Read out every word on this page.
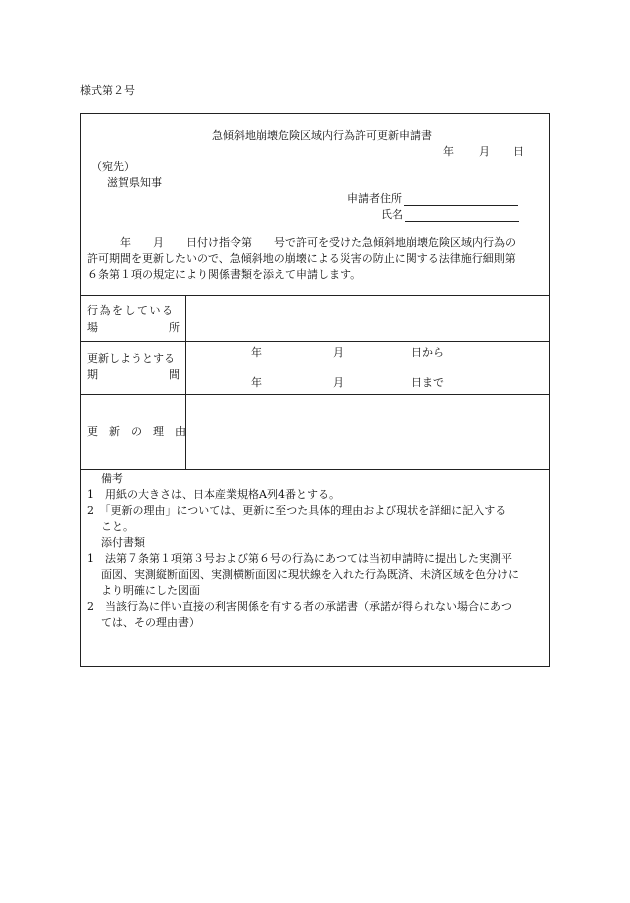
様式第２号
急傾斜地崩壊危険区域内行為許可更新申請書
年 月 日
（宛先）
滋賀県知事
申請者住所
氏名
　　　年　　月　　日付け指令第　　号で許可を受けた急傾斜地崩壊危険区域内行為の
許可期間を更新したいので、急傾斜地の崩壊による災害の防止に関する法律施行細則第
６条第１項の規定により関係書類を添えて申請します。
行為をしている
場	所
更新しようとする
期	間
年	月	日から
年	月	日まで
更　新　の　理　由
備考
1　用紙の大きさは、日本産業規格A列4番とする。
2　「更新の理由」については、更新に至つた具体的理由および現状を詳細に記入する
こと。
添付書類
1　法第７条第１項第３号および第６号の行為にあつては当初申請時に提出した実測平
面図、実測縦断面図、実測横断面図に現状線を入れた行為既済、未済区域を色分けに
より明確にした図面
2　当該行為に伴い直接の利害関係を有する者の承諾書（承諾が得られない場合にあつ
ては、その理由書）
